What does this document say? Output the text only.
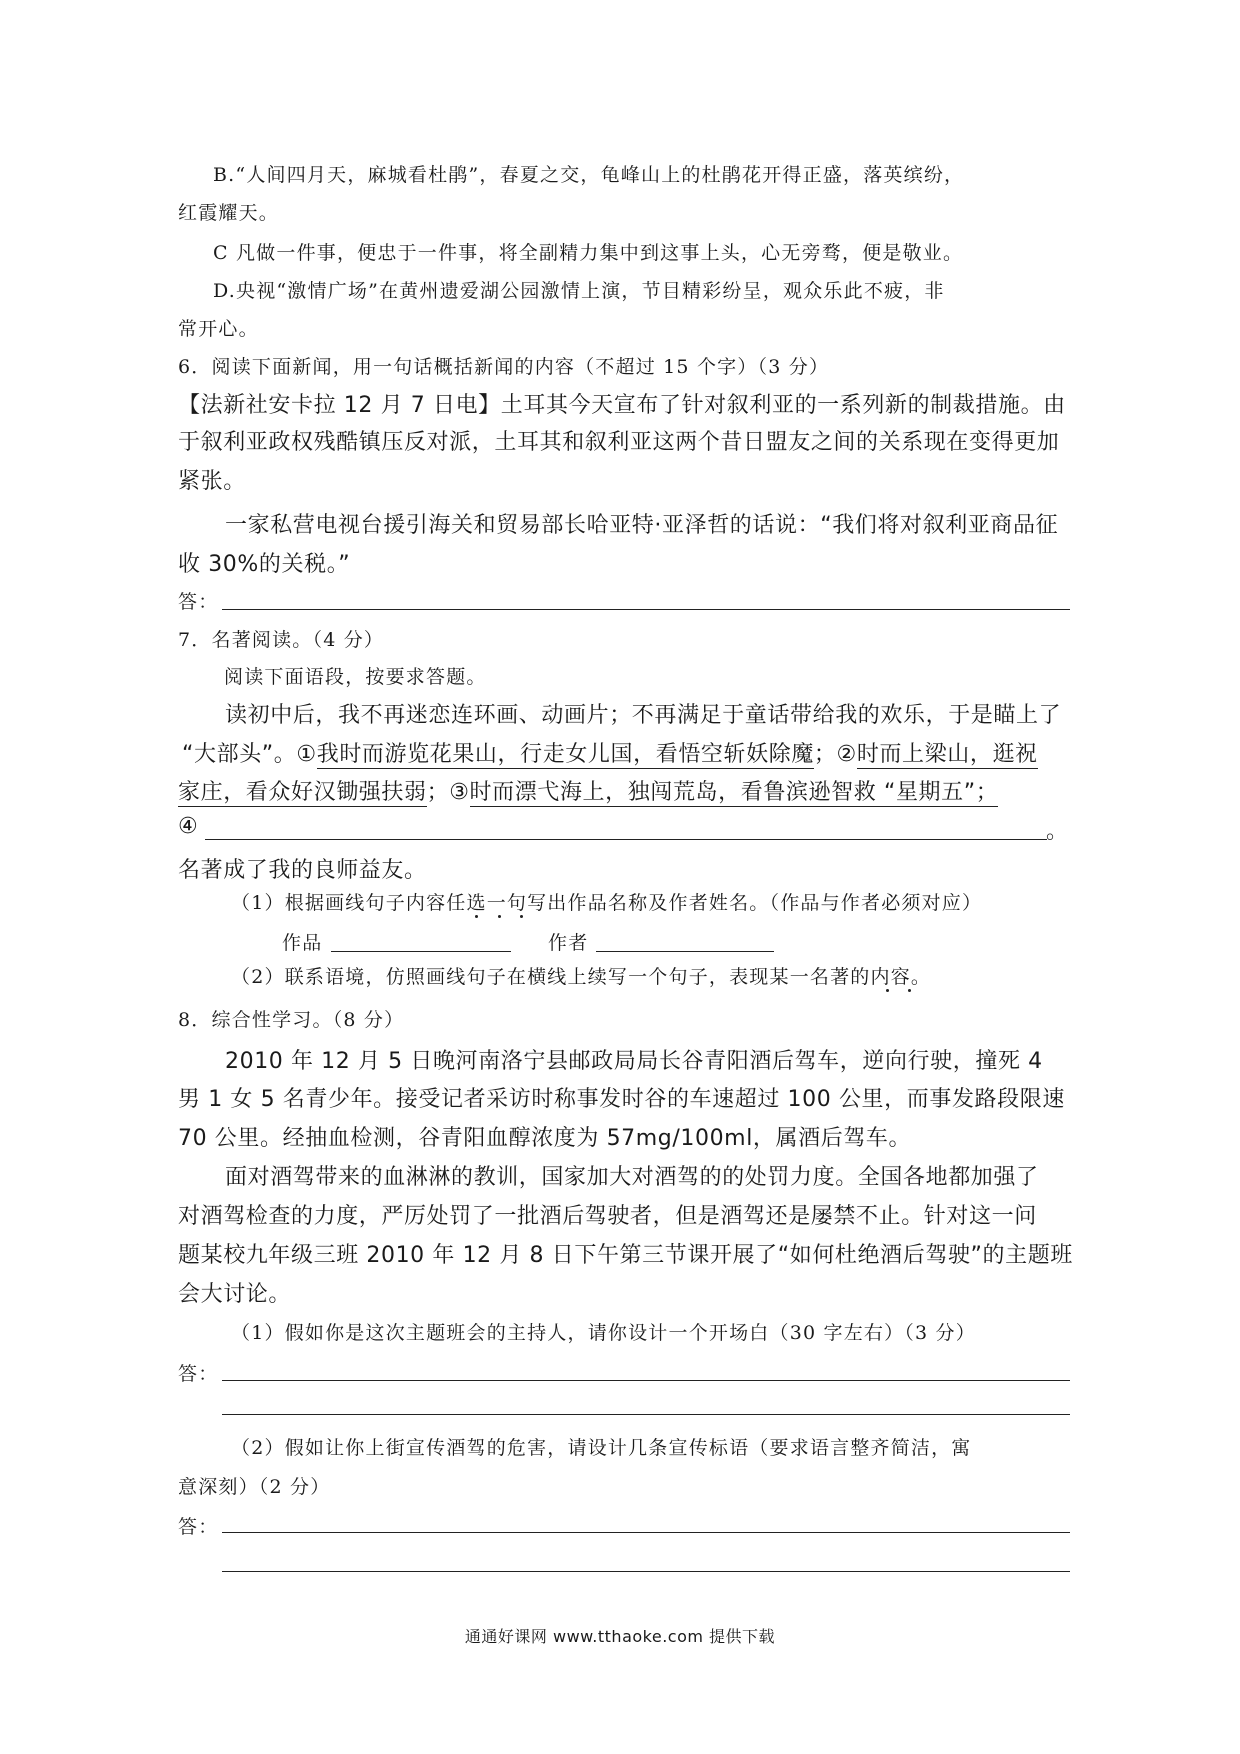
B.“人间四月天，麻城看杜鹃”，春夏之交，龟峰山上的杜鹃花开得正盛，落英缤纷，
红霞耀天。
C 凡做一件事，便忠于一件事，将全副精力集中到这事上头，心无旁骛，便是敬业。
D.央视“激情广场”在黄州遗爱湖公园激情上演，节目精彩纷呈，观众乐此不疲，非
常开心。
6．阅读下面新闻，用一句话概括新闻的内容（不超过 15 个字）（3 分）
【法新社安卡拉 12 月 7 日电】土耳其今天宣布了针对叙利亚的一系列新的制裁措施。由
于叙利亚政权残酷镇压反对派，土耳其和叙利亚这两个昔日盟友之间的关系现在变得更加
紧张。
一家私营电视台援引海关和贸易部长哈亚特·亚泽哲的话说：“我们将对叙利亚商品征
收 30%的关税。”
答：
7．名著阅读。（4 分）
阅读下面语段，按要求答题。
读初中后，我不再迷恋连环画、动画片；不再满足于童话带给我的欢乐，于是瞄上了
“大部头”。①我时而游览花果山，行走女儿国，看悟空斩妖除魔；②时而上梁山，逛祝
家庄，看众好汉锄强扶弱；③时而漂弋海上，独闯荒岛，看鲁滨逊智救 “星期五”；
④	。
名著成了我的良师益友。
（1）根据画线句子内容任选一句写出作品名称及作者姓名。（作品与作者必须对应）
作品	作者
（2）联系语境，仿照画线句子在横线上续写一个句子，表现某一名著的内容。
8．综合性学习。（8 分）
2010 年 12 月 5 日晚河南洛宁县邮政局局长谷青阳酒后驾车，逆向行驶，撞死 4
男 1 女 5 名青少年。接受记者采访时称事发时谷的车速超过 100 公里，而事发路段限速
70 公里。经抽血检测，谷青阳血醇浓度为 57mg/100ml，属酒后驾车。
面对酒驾带来的血淋淋的教训，国家加大对酒驾的的处罚力度。全国各地都加强了
对酒驾检查的力度，严厉处罚了一批酒后驾驶者，但是酒驾还是屡禁不止。针对这一问
题某校九年级三班 2010 年 12 月 8 日下午第三节课开展了“如何杜绝酒后驾驶”的主题班
会大讨论。
（1）假如你是这次主题班会的主持人，请你设计一个开场白（30 字左右）（3 分）
答：
（2）假如让你上街宣传酒驾的危害，请设计几条宣传标语（要求语言整齐简洁，寓
意深刻）（2 分）
答：
通通好课网 www.tthaoke.com 提供下载
